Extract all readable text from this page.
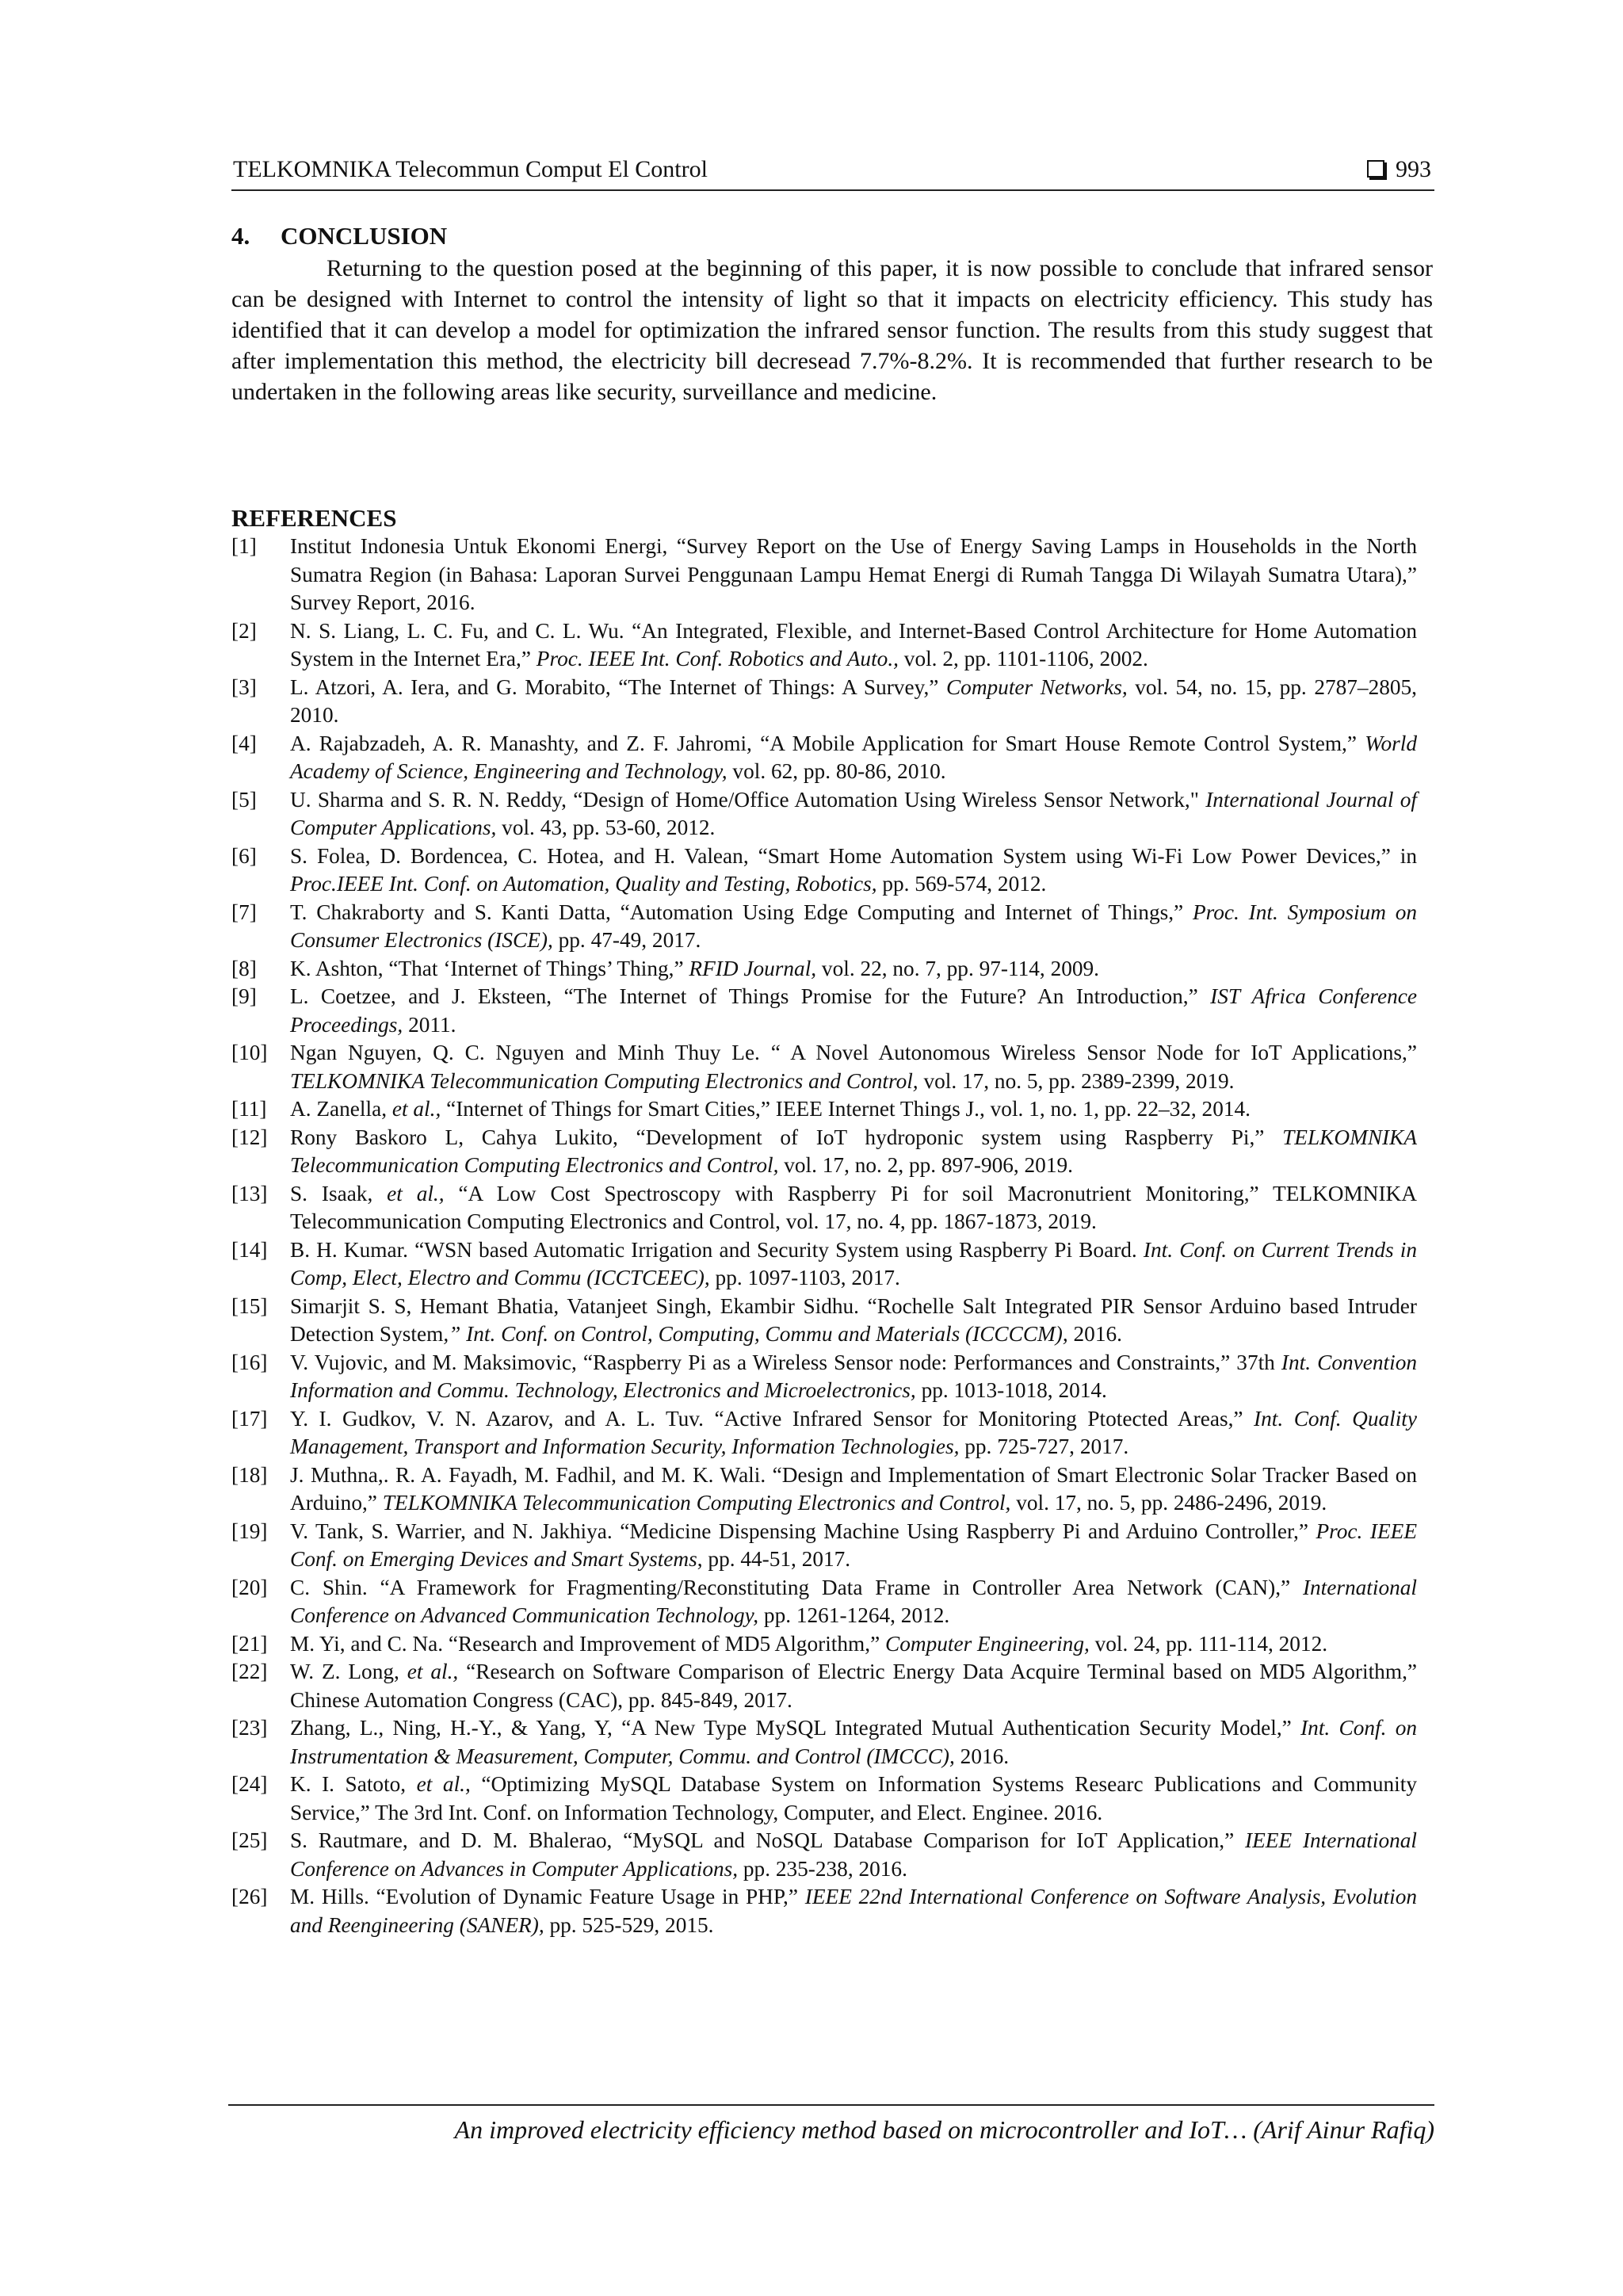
TELKOMNIKA Telecommun Comput El Control	993
4. CONCLUSION
Returning to the question posed at the beginning of this paper, it is now possible to conclude that infrared sensor can be designed with Internet to control the intensity of light so that it impacts on electricity efficiency. This study has identified that it can develop a model for optimization the infrared sensor function. The results from this study suggest that after implementation this method, the electricity bill decresead 7.7%-8.2%. It is recommended that further research to be undertaken in the following areas like security, surveillance and medicine.
REFERENCES
[1] Institut Indonesia Untuk Ekonomi Energi, “Survey Report on the Use of Energy Saving Lamps in Households in the North Sumatra Region (in Bahasa: Laporan Survei Penggunaan Lampu Hemat Energi di Rumah Tangga Di Wilayah Sumatra Utara),” Survey Report, 2016.
[2] N. S. Liang, L. C. Fu, and C. L. Wu. “An Integrated, Flexible, and Internet-Based Control Architecture for Home Automation System in the Internet Era,” Proc. IEEE Int. Conf. Robotics and Auto., vol. 2, pp. 1101-1106, 2002.
[3] L. Atzori, A. Iera, and G. Morabito, “The Internet of Things: A Survey,” Computer Networks, vol. 54, no. 15, pp. 2787–2805, 2010.
[4] A. Rajabzadeh, A. R. Manashty, and Z. F. Jahromi, “A Mobile Application for Smart House Remote Control System,” World Academy of Science, Engineering and Technology, vol. 62, pp. 80-86, 2010.
[5] U. Sharma and S. R. N. Reddy, “Design of Home/Office Automation Using Wireless Sensor Network," International Journal of Computer Applications, vol. 43, pp. 53-60, 2012.
[6] S. Folea, D. Bordencea, C. Hotea, and H. Valean, “Smart Home Automation System using Wi-Fi Low Power Devices,” in Proc.IEEE Int. Conf. on Automation, Quality and Testing, Robotics, pp. 569-574, 2012.
[7] T. Chakraborty and S. Kanti Datta, “Automation Using Edge Computing and Internet of Things,” Proc. Int. Symposium on Consumer Electronics (ISCE), pp. 47-49, 2017.
[8] K. Ashton, “That ‘Internet of Things’ Thing,” RFID Journal, vol. 22, no. 7, pp. 97-114, 2009.
[9] L. Coetzee, and J. Eksteen, “The Internet of Things Promise for the Future? An Introduction,” IST Africa Conference Proceedings, 2011.
[10] Ngan Nguyen, Q. C. Nguyen and Minh Thuy Le. “ A Novel Autonomous Wireless Sensor Node for IoT Applications,” TELKOMNIKA Telecommunication Computing Electronics and Control, vol. 17, no. 5, pp. 2389-2399, 2019.
[11] A. Zanella, et al., “Internet of Things for Smart Cities,” IEEE Internet Things J., vol. 1, no. 1, pp. 22–32, 2014.
[12] Rony Baskoro L, Cahya Lukito, “Development of IoT hydroponic system using Raspberry Pi,” TELKOMNIKA Telecommunication Computing Electronics and Control, vol. 17, no. 2, pp. 897-906, 2019.
[13] S. Isaak, et al., “A Low Cost Spectroscopy with Raspberry Pi for soil Macronutrient Monitoring,” TELKOMNIKA Telecommunication Computing Electronics and Control, vol. 17, no. 4, pp. 1867-1873, 2019.
[14] B. H. Kumar. “WSN based Automatic Irrigation and Security System using Raspberry Pi Board. Int. Conf. on Current Trends in Comp, Elect, Electro and Commu (ICCTCEEC), pp. 1097-1103, 2017.
[15] Simarjit S. S, Hemant Bhatia, Vatanjeet Singh, Ekambir Sidhu. “Rochelle Salt Integrated PIR Sensor Arduino based Intruder Detection System,” Int. Conf. on Control, Computing, Commu and Materials (ICCCCM), 2016.
[16] V. Vujovic, and M. Maksimovic, “Raspberry Pi as a Wireless Sensor node: Performances and Constraints,” 37th Int. Convention Information and Commu. Technology, Electronics and Microelectronics, pp. 1013-1018, 2014.
[17] Y. I. Gudkov, V. N. Azarov, and A. L. Tuv. “Active Infrared Sensor for Monitoring Ptotected Areas,” Int. Conf. Quality Management, Transport and Information Security, Information Technologies, pp. 725-727, 2017.
[18] J. Muthna,. R. A. Fayadh, M. Fadhil, and M. K. Wali. “Design and Implementation of Smart Electronic Solar Tracker Based on Arduino,” TELKOMNIKA Telecommunication Computing Electronics and Control, vol. 17, no. 5, pp. 2486-2496, 2019.
[19] V. Tank, S. Warrier, and N. Jakhiya. “Medicine Dispensing Machine Using Raspberry Pi and Arduino Controller,” Proc. IEEE Conf. on Emerging Devices and Smart Systems, pp. 44-51, 2017.
[20] C. Shin. “A Framework for Fragmenting/Reconstituting Data Frame in Controller Area Network (CAN),” International Conference on Advanced Communication Technology, pp. 1261-1264, 2012.
[21] M. Yi, and C. Na. “Research and Improvement of MD5 Algorithm,” Computer Engineering, vol. 24, pp. 111-114, 2012.
[22] W. Z. Long, et al., “Research on Software Comparison of Electric Energy Data Acquire Terminal based on MD5 Algorithm,” Chinese Automation Congress (CAC), pp. 845-849, 2017.
[23] Zhang, L., Ning, H.-Y., & Yang, Y, “A New Type MySQL Integrated Mutual Authentication Security Model,” Int. Conf. on Instrumentation & Measurement, Computer, Commu. and Control (IMCCC), 2016.
[24] K. I. Satoto, et al., “Optimizing MySQL Database System on Information Systems Researc Publications and Community Service,” The 3rd Int. Conf. on Information Technology, Computer, and Elect. Enginee. 2016.
[25] S. Rautmare, and D. M. Bhalerao, “MySQL and NoSQL Database Comparison for IoT Application,” IEEE International Conference on Advances in Computer Applications, pp. 235-238, 2016.
[26] M. Hills. “Evolution of Dynamic Feature Usage in PHP,” IEEE 22nd International Conference on Software Analysis, Evolution and Reengineering (SANER), pp. 525-529, 2015.
An improved electricity efficiency method based on microcontroller and IoT… (Arif Ainur Rafiq)
